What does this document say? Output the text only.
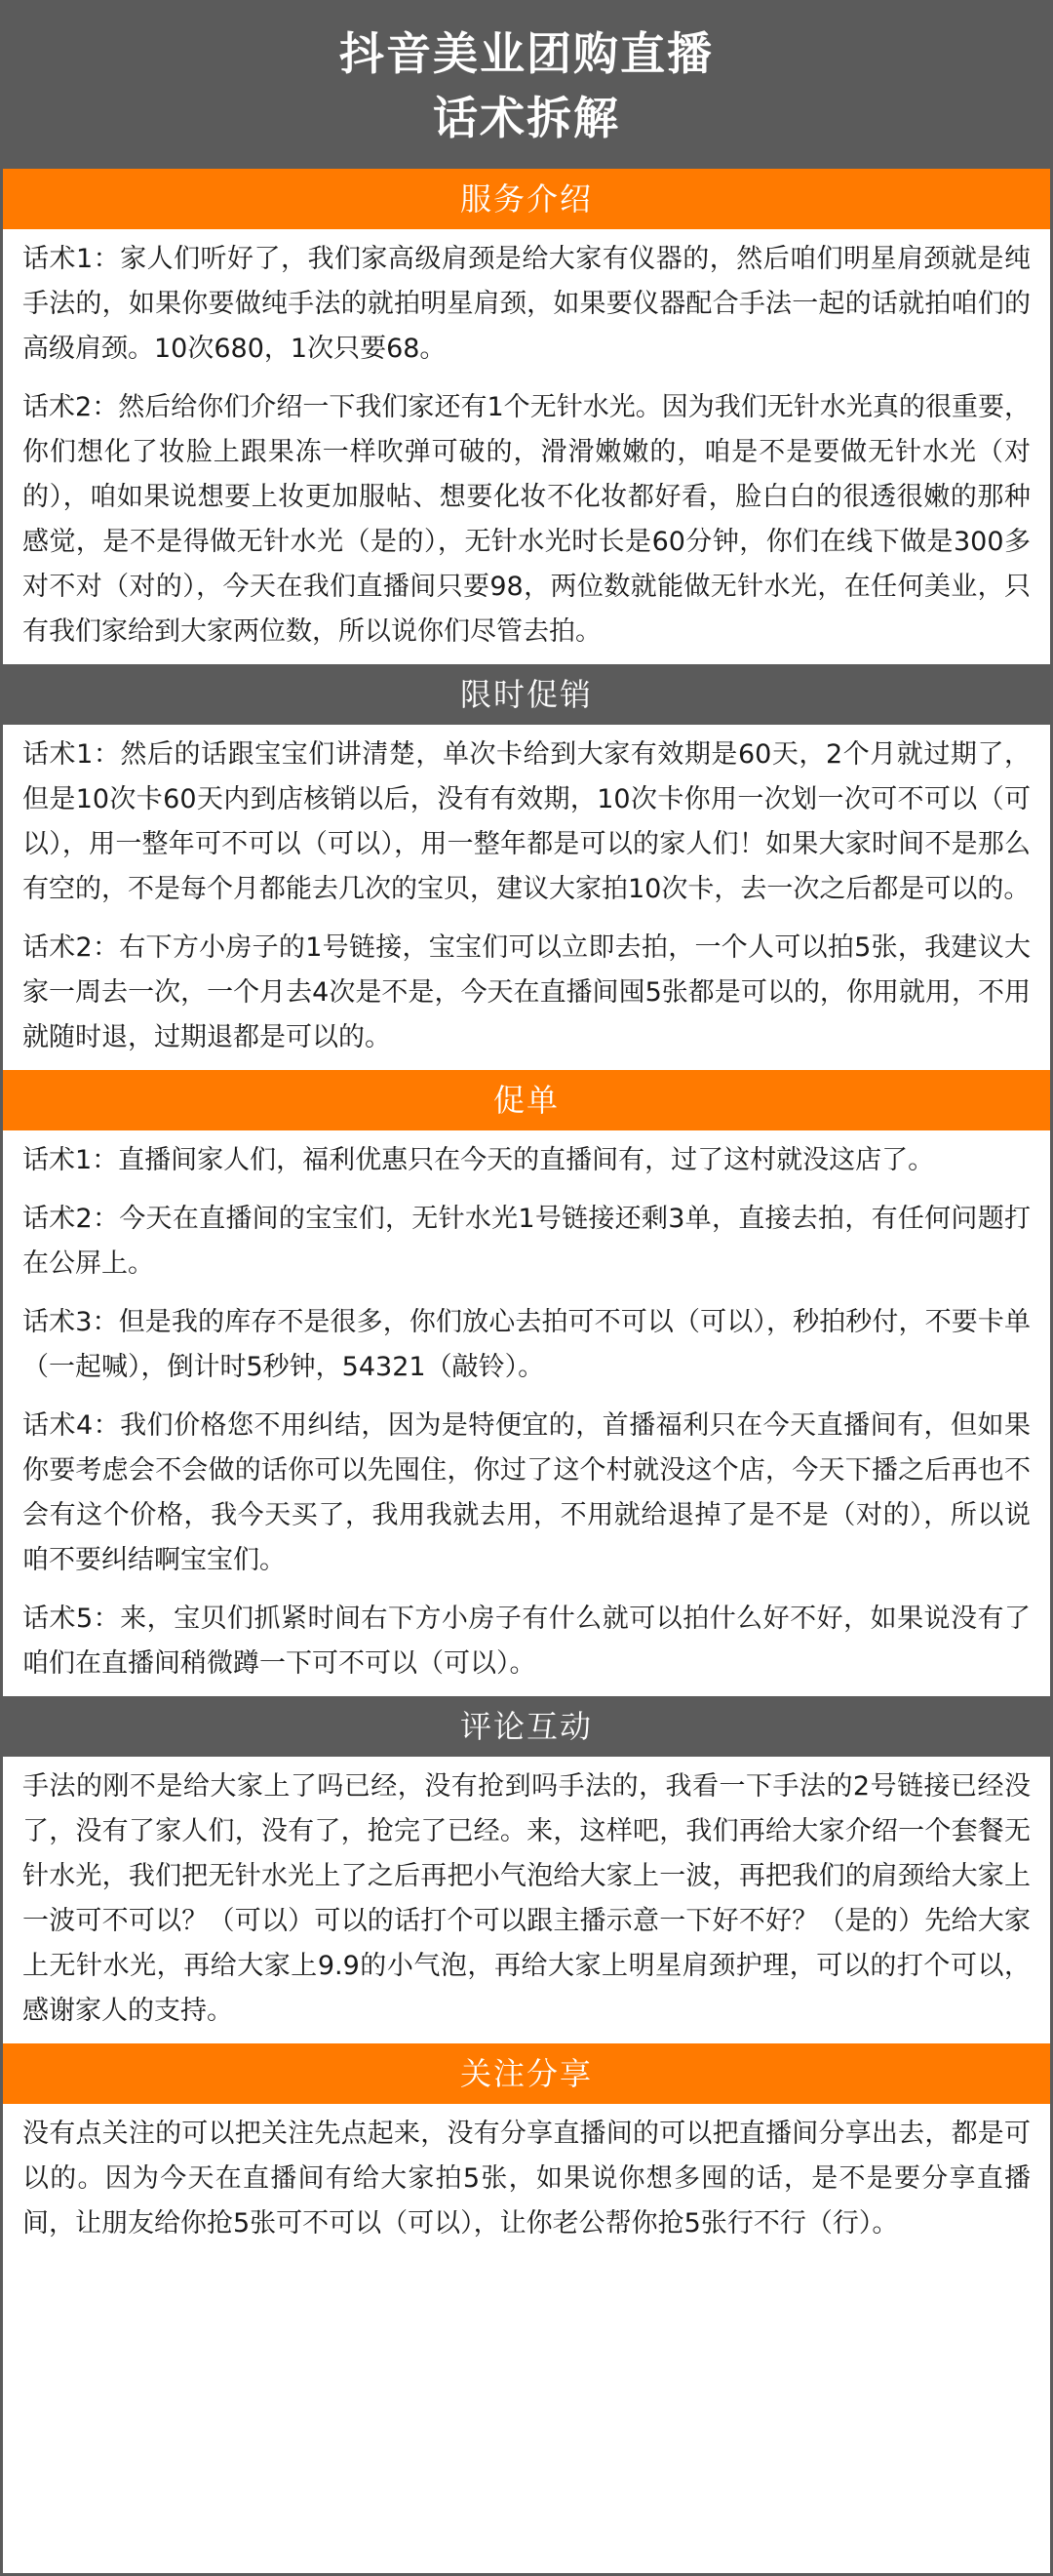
抖音美业团购直播
话术拆解
服务介绍

话术1：家人们听好了，我们家高级肩颈是给大家有仪器的，然后咱们明星肩颈就是纯手法的，如果你要做纯手法的就拍明星肩颈，如果要仪器配合手法一起的话就拍咱们的高级肩颈。10次680，1次只要68。

话术2：然后给你们介绍一下我们家还有1个无针水光。因为我们无针水光真的很重要，你们想化了妆脸上跟果冻一样吹弹可破的，滑滑嫩嫩的，咱是不是要做无针水光（对的），咱如果说想要上妆更加服帖、想要化妆不化妆都好看，脸白白的很透很嫩的那种感觉，是不是得做无针水光（是的），无针水光时长是60分钟，你们在线下做是300多对不对（对的），今天在我们直播间只要98，两位数就能做无针水光，在任何美业，只有我们家给到大家两位数，所以说你们尽管去拍。

限时促销

话术1：然后的话跟宝宝们讲清楚，单次卡给到大家有效期是60天，2个月就过期了，但是10次卡60天内到店核销以后，没有有效期，10次卡你用一次划一次可不可以（可以），用一整年可不可以（可以），用一整年都是可以的家人们！如果大家时间不是那么有空的，不是每个月都能去几次的宝贝，建议大家拍10次卡，去一次之后都是可以的。

话术2：右下方小房子的1号链接，宝宝们可以立即去拍，一个人可以拍5张，我建议大家一周去一次，一个月去4次是不是，今天在直播间囤5张都是可以的，你用就用，不用就随时退，过期退都是可以的。

促单

话术1：直播间家人们，福利优惠只在今天的直播间有，过了这村就没这店了。

话术2：今天在直播间的宝宝们，无针水光1号链接还剩3单，直接去拍，有任何问题打在公屏上。

话术3：但是我的库存不是很多，你们放心去拍可不可以（可以），秒拍秒付，不要卡单（一起喊），倒计时5秒钟，54321（敲铃）。

话术4：我们价格您不用纠结，因为是特便宜的，首播福利只在今天直播间有，但如果你要考虑会不会做的话你可以先囤住，你过了这个村就没这个店，今天下播之后再也不会有这个价格，我今天买了，我用我就去用，不用就给退掉了是不是（对的），所以说咱不要纠结啊宝宝们。

话术5：来，宝贝们抓紧时间右下方小房子有什么就可以拍什么好不好，如果说没有了咱们在直播间稍微蹲一下可不可以（可以）。

评论互动

手法的刚不是给大家上了吗已经，没有抢到吗手法的，我看一下手法的2号链接已经没了，没有了家人们，没有了，抢完了已经。来，这样吧，我们再给大家介绍一个套餐无针水光，我们把无针水光上了之后再把小气泡给大家上一波，再把我们的肩颈给大家上一波可不可以？（可以）可以的话打个可以跟主播示意一下好不好？（是的）先给大家上无针水光，再给大家上9.9的小气泡，再给大家上明星肩颈护理，可以的打个可以，感谢家人的支持。

关注分享

没有点关注的可以把关注先点起来，没有分享直播间的可以把直播间分享出去，都是可以的。因为今天在直播间有给大家拍5张，如果说你想多囤的话，是不是要分享直播间，让朋友给你抢5张可不可以（可以），让你老公帮你抢5张行不行（行）。
